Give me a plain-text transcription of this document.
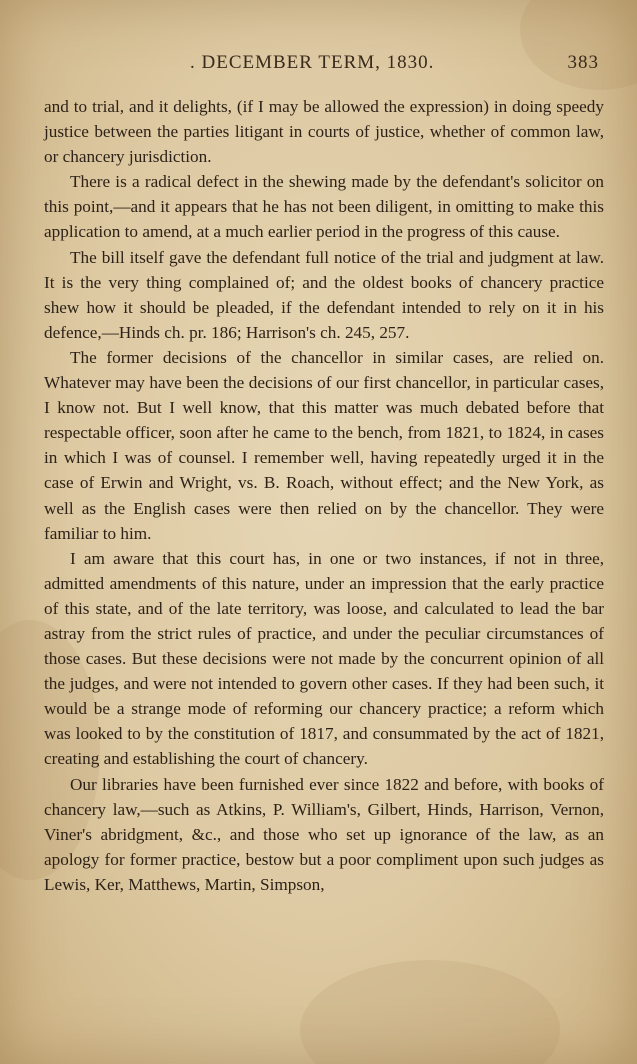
. DECEMBER TERM, 1830.	383

and to trial, and it delights, (if I may be allowed the expression) in doing speedy justice between the parties litigant in courts of justice, whether of common law, or chancery jurisdiction.

There is a radical defect in the shewing made by the defendant's solicitor on this point,—and it appears that he has not been diligent, in omitting to make this application to amend, at a much earlier period in the progress of this cause.

The bill itself gave the defendant full notice of the trial and judgment at law. It is the very thing complained of; and the oldest books of chancery practice shew how it should be pleaded, if the defendant intended to rely on it in his defence,—Hinds ch. pr. 186; Harrison's ch. 245, 257.

The former decisions of the chancellor in similar cases, are relied on. Whatever may have been the decisions of our first chancellor, in particular cases, I know not. But I well know, that this matter was much debated before that respectable officer, soon after he came to the bench, from 1821, to 1824, in cases in which I was of counsel. I remember well, having repeatedly urged it in the case of Erwin and Wright, vs. B. Roach, without effect; and the New York, as well as the English cases were then relied on by the chancellor. They were familiar to him.

I am aware that this court has, in one or two instances, if not in three, admitted amendments of this nature, under an impression that the early practice of this state, and of the late territory, was loose, and calculated to lead the bar astray from the strict rules of practice, and under the peculiar circumstances of those cases. But these decisions were not made by the concurrent opinion of all the judges, and were not intended to govern other cases. If they had been such, it would be a strange mode of reforming our chancery practice; a reform which was looked to by the constitution of 1817, and consummated by the act of 1821, creating and establishing the court of chancery.

Our libraries have been furnished ever since 1822 and before, with books of chancery law,—such as Atkins, P. William's, Gilbert, Hinds, Harrison, Vernon, Viner's abridgment, &c., and those who set up ignorance of the law, as an apology for former practice, bestow but a poor compliment upon such judges as Lewis, Ker, Matthews, Martin, Simpson,
